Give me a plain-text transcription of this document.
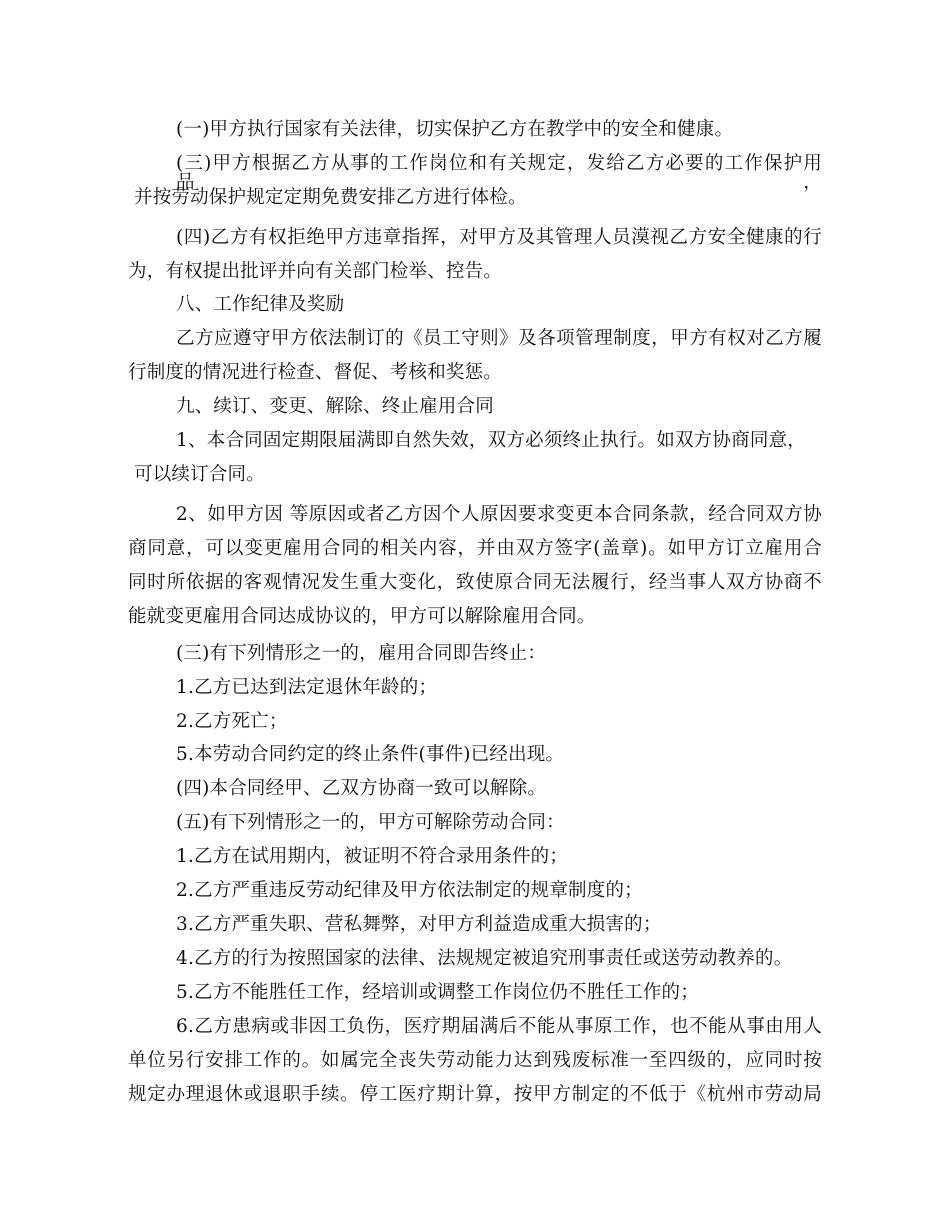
(一)甲方执行国家有关法律，切实保护乙方在教学中的安全和健康。
(三)甲方根据乙方从事的工作岗位和有关规定，发给乙方必要的工作保护用品，
并按劳动保护规定定期免费安排乙方进行体检。
(四)乙方有权拒绝甲方违章指挥，对甲方及其管理人员漠视乙方安全健康的行
为，有权提出批评并向有关部门检举、控告。
八、工作纪律及奖励
乙方应遵守甲方依法制订的《员工守则》及各项管理制度，甲方有权对乙方履
行制度的情况进行检查、督促、考核和奖惩。
九、续订、变更、解除、终止雇用合同
1、本合同固定期限届满即自然失效，双方必须终止执行。如双方协商同意，
可以续订合同。
2、如甲方因 等原因或者乙方因个人原因要求变更本合同条款，经合同双方协
商同意，可以变更雇用合同的相关内容，并由双方签字(盖章)。如甲方订立雇用合
同时所依据的客观情况发生重大变化，致使原合同无法履行，经当事人双方协商不
能就变更雇用合同达成协议的，甲方可以解除雇用合同。
(三)有下列情形之一的，雇用合同即告终止：
1.乙方已达到法定退休年龄的；
2.乙方死亡；
5.本劳动合同约定的终止条件(事件)已经出现。
(四)本合同经甲、乙双方协商一致可以解除。
(五)有下列情形之一的，甲方可解除劳动合同：
1.乙方在试用期内，被证明不符合录用条件的；
2.乙方严重违反劳动纪律及甲方依法制定的规章制度的；
3.乙方严重失职、营私舞弊，对甲方利益造成重大损害的；
4.乙方的行为按照国家的法律、法规规定被追究刑事责任或送劳动教养的。
5.乙方不能胜任工作，经培训或调整工作岗位仍不胜任工作的；
6.乙方患病或非因工负伤，医疗期届满后不能从事原工作，也不能从事由用人
单位另行安排工作的。如属完全丧失劳动能力达到残废标准一至四级的，应同时按
规定办理退休或退职手续。停工医疗期计算，按甲方制定的不低于《杭州市劳动局
